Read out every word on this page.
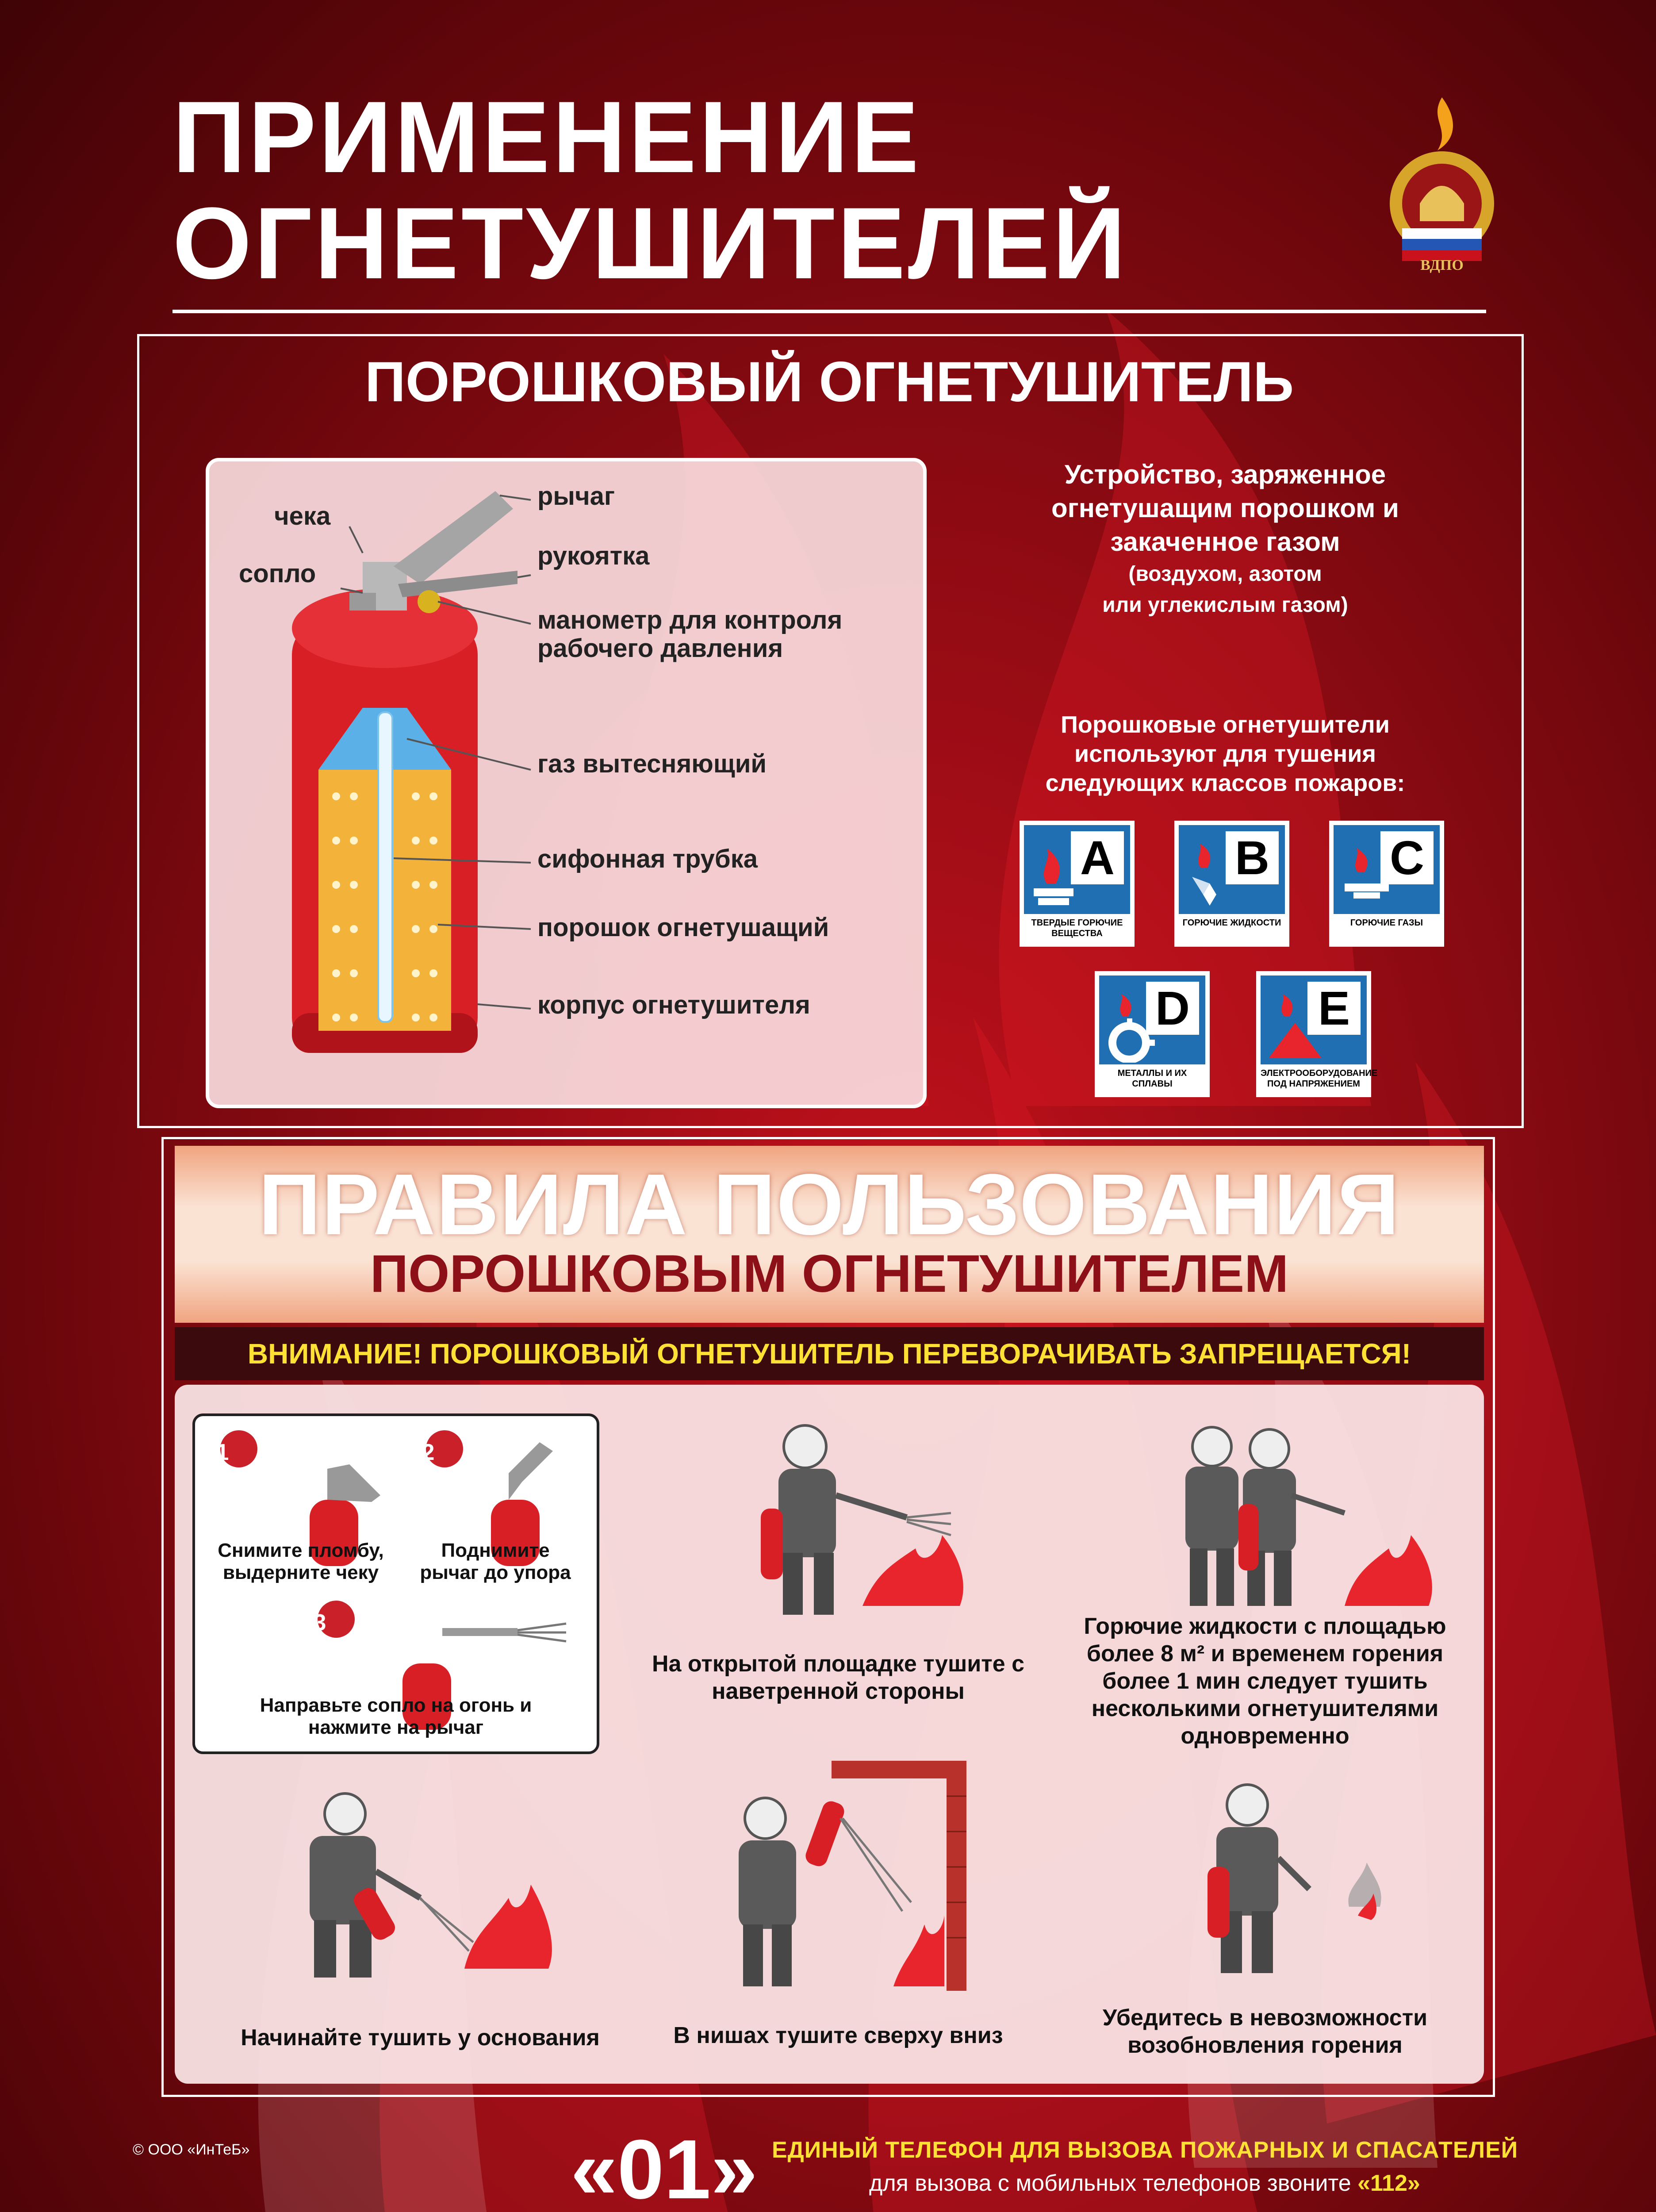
ПРИМЕНЕНИЕ
ОГНЕТУШИТЕЛЕЙ	ВДПО
ПОРОШКОВЫЙ ОГНЕТУШИТЕЛЬ
рычаг
чека
сопло
рукоятка
манометр для контроля
рабочего давления
газ вытесняющий
сифонная трубка
порошок огнетушащий
корпус огнетушителя
Устройство, заряженное
огнетушащим порошком и
закаченное газом
(воздухом, азотом
или углекислым газом)
Порошковые огнетушители
используют для тушения
следующих классов пожаров:
A
ТВЕРДЫЕ ГОРЮЧИЕ ВЕЩЕСТВА
B
ГОРЮЧИЕ ЖИДКОСТИ
C
ГОРЮЧИЕ ГАЗЫ
D
МЕТАЛЛЫ И ИХ СПЛАВЫ
E
ЭЛЕКТРООБОРУДОВАНИЕ ПОД НАПРЯЖЕНИЕМ
ПРАВИЛА ПОЛЬЗОВАНИЯ
ПОРОШКОВЫМ ОГНЕТУШИТЕЛЕМ
ВНИМАНИЕ! ПОРОШКОВЫЙ ОГНЕТУШИТЕЛЬ ПЕРЕВОРАЧИВАТЬ ЗАПРЕЩАЕТСЯ!
1	2
3
Снимите пломбу,
выдерните чеку
Поднимите
рычаг до упора
Направьте сопло на огонь и
нажмите на рычаг
На открытой площадке тушите с
наветренной стороны
Горючие жидкости с площадью
более 8 м² и временем горения
более 1 мин следует тушить
несколькими огнетушителями
одновременно
Начинайте тушить у основания	В нишах тушите сверху вниз
Убедитесь в невозможности
возобновления горения
© ООО «ИнТеБ»	«01» ЕДИНЫЙ ТЕЛЕФОН ДЛЯ ВЫЗОВА ПОЖАРНЫХ И СПАСАТЕЛЕЙ
для вызова с мобильных телефонов звоните «112»
